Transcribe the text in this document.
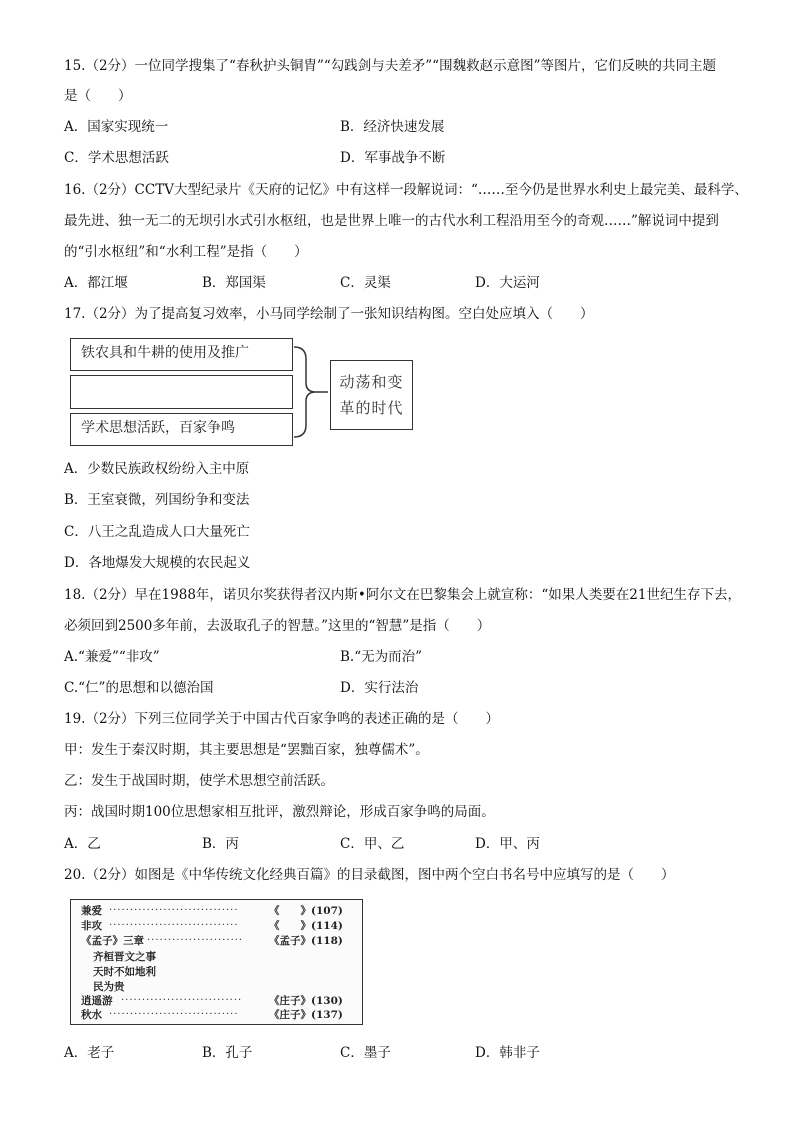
15.（2分）一位同学搜集了“春秋护头铜胄”“勾践剑与夫差矛”“围魏救赵示意图”等图片，它们反映的共同主题
是（　　）
A．国家实现统一	B．经济快速发展
C．学术思想活跃	D．军事战争不断
16.（2分）CCTV大型纪录片《天府的记忆》中有这样一段解说词：“……至今仍是世界水利史上最完美、最科学、
最先进、独一无二的无坝引水式引水枢纽，也是世界上唯一的古代水利工程沿用至今的奇观……”解说词中提到
的“引水枢纽”和“水利工程”是指（　　）
A．都江堰	B．郑国渠	C．灵渠	D．大运河
17.（2分）为了提高复习效率，小马同学绘制了一张知识结构图。空白处应填入（　　）
铁农具和牛耕的使用及推广
学术思想活跃，百家争鸣
动荡和变
革的时代
A．少数民族政权纷纷入主中原
B．王室衰微，列国纷争和变法
C．八王之乱造成人口大量死亡
D．各地爆发大规模的农民起义
18.（2分）早在1988年，诺贝尔奖获得者汉内斯•阿尔文在巴黎集会上就宣称：“如果人类要在21世纪生存下去，
必须回到2500多年前，去汲取孔子的智慧。”这里的“智慧”是指（　　）
A.“兼爱”“非攻”	B.“无为而治”
C.“仁”的思想和以德治国	D．实行法治
19.（2分）下列三位同学关于中国古代百家争鸣的表述正确的是（　　）
甲：发生于秦汉时期，其主要思想是“罢黜百家，独尊儒术”。
乙：发生于战国时期，使学术思想空前活跃。
丙：战国时期100位思想家相互批评，激烈辩论，形成百家争鸣的局面。
A．乙	B．丙	C．甲、乙	D．甲、丙
20.（2分）如图是《中华传统文化经典百篇》的目录截图，图中两个空白书名号中应填写的是（　　）
兼爱 ·······························	《　　》(107)
非攻 ·······························	《　　》(114)
《孟子》三章 ·······················	《孟子》(118)
齐桓晋文之事
天时不如地利
民为贵
逍遥游 ·····························	《庄子》(130)
秋水 ·······························	《庄子》(137)
A．老子	B．孔子	C．墨子	D．韩非子
